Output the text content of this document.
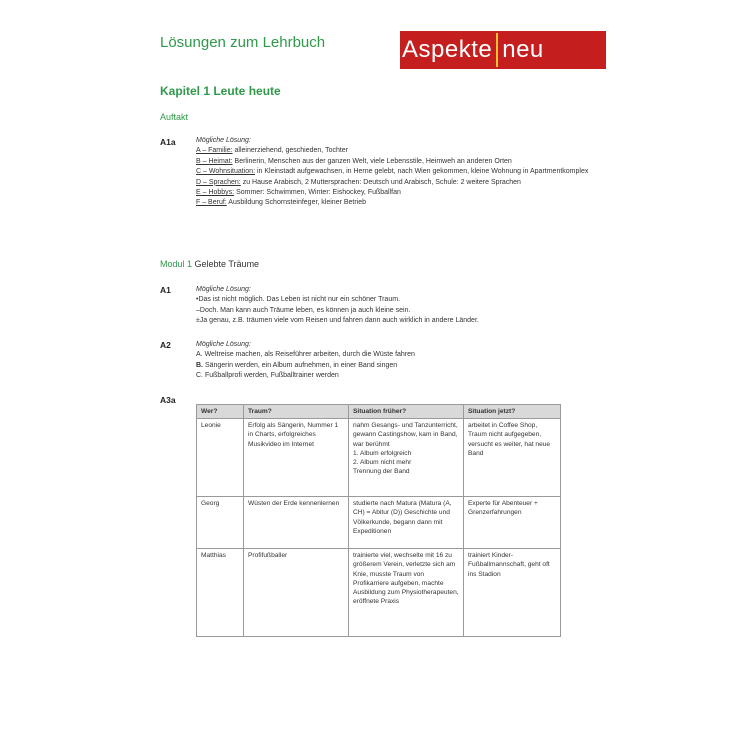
Lösungen zum Lehrbuch	Aspekte neu
Kapitel 1 Leute heute
Auftakt
A1a	Mögliche Lösung:
A – Familie: alleinerziehend, geschieden, Tochter
B – Heimat: Berlinerin, Menschen aus der ganzen Welt, viele Lebensstile, Heimweh an anderen Orten
C – Wohnsituation: in Kleinstadt aufgewachsen, in Herne gelebt, nach Wien gekommen, kleine Wohnung in Apartmentkomplex
D – Sprachen: zu Hause Arabisch, 2 Muttersprachen: Deutsch und Arabisch, Schule: 2 weitere Sprachen
E – Hobbys: Sommer: Schwimmen, Winter: Eishockey, Fußballfan
F – Beruf: Ausbildung Schornsteinfeger, kleiner Betrieb
Modul 1 Gelebte Träume
A1	Mögliche Lösung:
•Das ist nicht möglich. Das Leben ist nicht nur ein schöner Traum.
–Doch. Man kann auch Träume leben, es können ja auch kleine sein.
±Ja genau, z.B. träumen viele vom Reisen und fahren dann auch wirklich in andere Länder.
A2	Mögliche Lösung:
A. Weltreise machen, als Reiseführer arbeiten, durch die Wüste fahren
B. Sängerin werden, ein Album aufnehmen, in einer Band singen
C. Fußballprofi werden, Fußballtrainer werden
A3a
Wer?	Traum?	Situation früher?	Situation jetzt?
Leonie	Erfolg als Sängerin, Nummer 1 in Charts, erfolgreiches Musikvideo im Internet	nahm Gesangs- und Tanzunterricht, gewann Castingshow, kam in Band, war berühmt
1. Album erfolgreich
2. Album nicht mehr
Trennung der Band	arbeitet in Coffee Shop, Traum nicht aufgegeben, versucht es weiter, hat neue Band
Georg	Wüsten der Erde kennenlernen	studierte nach Matura (Matura (A, CH) = Abitur (D)) Geschichte und Völkerkunde, begann dann mit Expeditionen	Experte für Abenteuer + Grenzerfahrungen
Matthias	Profifußballer	trainierte viel, wechselte mit 16 zu größerem Verein, verletzte sich am Knie, musste Traum von Profikarriere aufgeben, machte Ausbildung zum Physiotherapeuten, eröffnete Praxis	trainiert Kinder-Fußballmannschaft, geht oft ins Stadion
